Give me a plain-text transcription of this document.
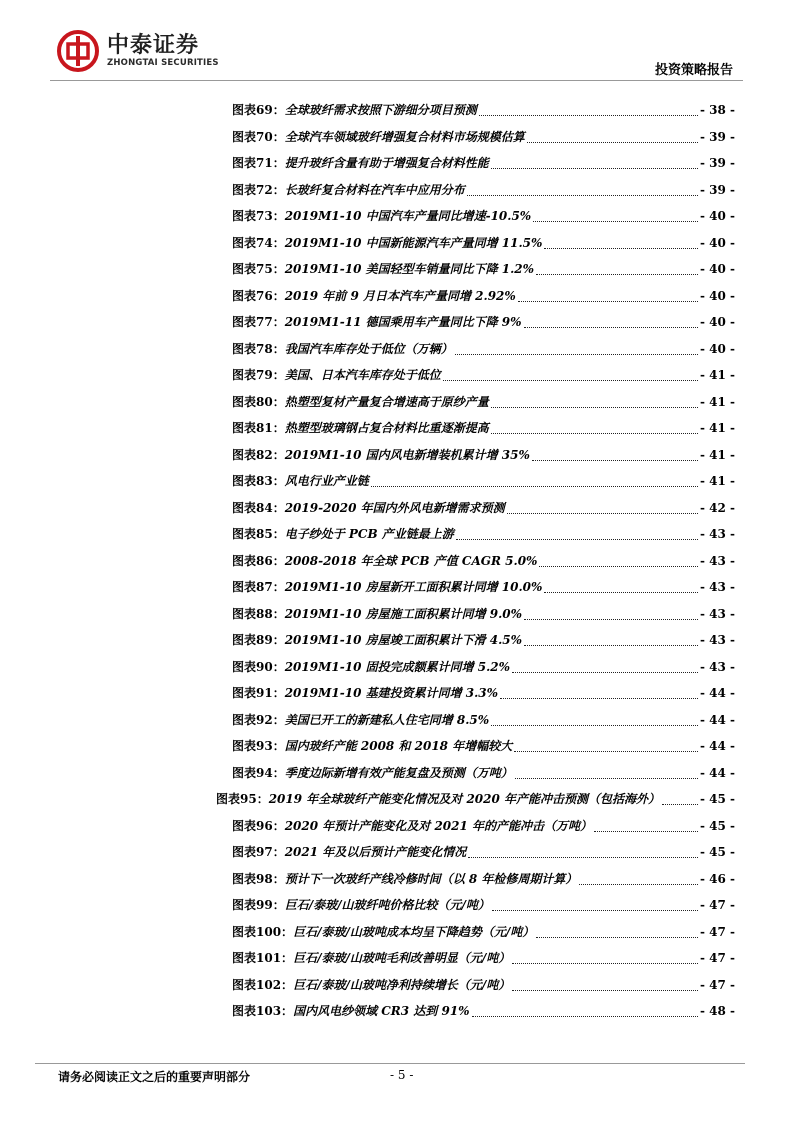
中泰证券
ZHONGTAI SECURITIES
投资策略报告
图表69： 全球玻纤需求按照下游细分项目预测	- 38 -
图表70： 全球汽车领域玻纤增强复合材料市场规模估算	- 39 -
图表71： 提升玻纤含量有助于增强复合材料性能	- 39 -
图表72： 长玻纤复合材料在汽车中应用分布	- 39 -
图表73： 2019M1-10 中国汽车产量同比增速-10.5%	- 40 -
图表74： 2019M1-10 中国新能源汽车产量同增 11.5%	- 40 -
图表75： 2019M1-10 美国轻型车销量同比下降 1.2%	- 40 -
图表76： 2019 年前 9 月日本汽车产量同增 2.92%	- 40 -
图表77： 2019M1-11 德国乘用车产量同比下降 9%	- 40 -
图表78： 我国汽车库存处于低位（万辆）	- 40 -
图表79： 美国、日本汽车库存处于低位	- 41 -
图表80： 热塑型复材产量复合增速高于原纱产量	- 41 -
图表81： 热塑型玻璃钢占复合材料比重逐渐提高	- 41 -
图表82： 2019M1-10 国内风电新增装机累计增 35%	- 41 -
图表83： 风电行业产业链	- 41 -
图表84： 2019-2020 年国内外风电新增需求预测	- 42 -
图表85： 电子纱处于 PCB 产业链最上游	- 43 -
图表86： 2008-2018 年全球 PCB 产值 CAGR 5.0%	- 43 -
图表87： 2019M1-10 房屋新开工面积累计同增 10.0%	- 43 -
图表88： 2019M1-10 房屋施工面积累计同增 9.0%	- 43 -
图表89： 2019M1-10 房屋竣工面积累计下滑 4.5%	- 43 -
图表90： 2019M1-10 固投完成额累计同增 5.2%	- 43 -
图表91： 2019M1-10 基建投资累计同增 3.3%	- 44 -
图表92： 美国已开工的新建私人住宅同增 8.5%	- 44 -
图表93： 国内玻纤产能 2008 和 2018 年增幅较大	- 44 -
图表94： 季度边际新增有效产能复盘及预测（万吨）	- 44 -
图表95： 2019 年全球玻纤产能变化情况及对 2020 年产能冲击预测（包括海外）	- 45 -
图表96： 2020 年预计产能变化及对 2021 年的产能冲击（万吨）	- 45 -
图表97： 2021 年及以后预计产能变化情况	- 45 -
图表98： 预计下一次玻纤产线冷修时间（以 8 年检修周期计算）	- 46 -
图表99： 巨石/泰玻/山玻纤吨价格比较（元/吨）	- 47 -
图表100： 巨石/泰玻/山玻吨成本均呈下降趋势（元/吨）	- 47 -
图表101： 巨石/泰玻/山玻吨毛利改善明显（元/吨）	- 47 -
图表102： 巨石/泰玻/山玻吨净利持续增长（元/吨）	- 47 -
图表103： 国内风电纱领域 CR3 达到 91%	- 48 -
请务必阅读正文之后的重要声明部分	- 5 -
